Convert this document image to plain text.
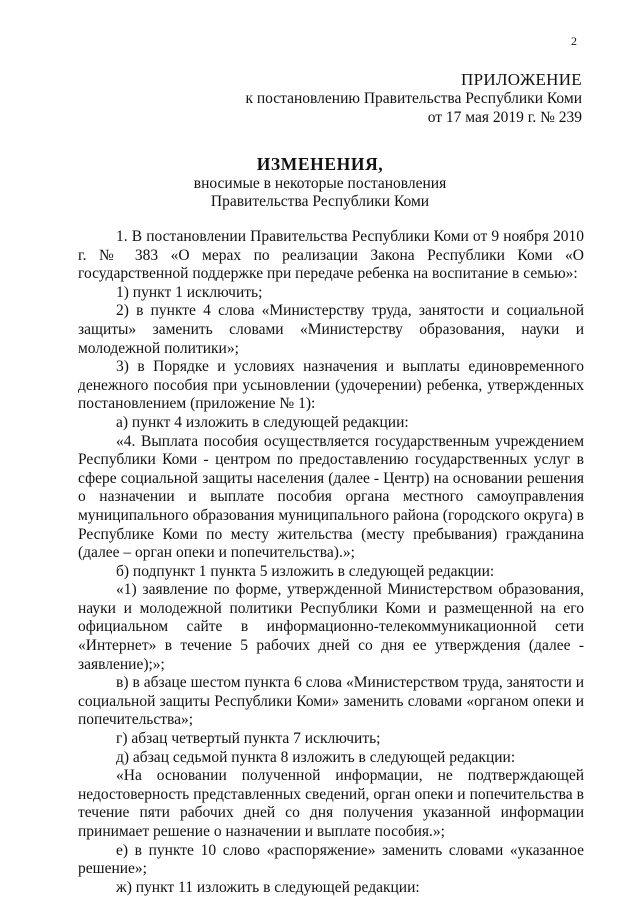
2
ПРИЛОЖЕНИЕ
к постановлению Правительства Республики Коми
от 17 мая 2019 г. № 239
ИЗМЕНЕНИЯ,
вносимые в некоторые постановления
Правительства Республики Коми

1. В постановлении Правительства Республики Коми от 9 ноября 2010 г. № 383 «О мерах по реализации Закона Республики Коми «О государственной поддержке при передаче ребенка на воспитание в семью»:

1) пункт 1 исключить;

2) в пункте 4 слова «Министерству труда, занятости и социальной защиты» заменить словами «Министерству образования, науки и молодежной политики»;

3) в Порядке и условиях назначения и выплаты единовременного денежного пособия при усыновлении (удочерении) ребенка, утвержденных постановлением (приложение № 1):

а) пункт 4 изложить в следующей редакции:

«4. Выплата пособия осуществляется государственным учреждением Республики Коми - центром по предоставлению государственных услуг в сфере социальной защиты населения (далее - Центр) на основании решения о назначении и выплате пособия органа местного самоуправления муниципального образования муниципального района (городского округа) в Республике Коми по месту жительства (месту пребывания) гражданина (далее – орган опеки и попечительства).»;

б) подпункт 1 пункта 5 изложить в следующей редакции:

«1) заявление по форме, утвержденной Министерством образования, науки и молодежной политики Республики Коми и размещенной на его официальном сайте в информационно-телекоммуникационной сети «Интернет» в течение 5 рабочих дней со дня ее утверждения (далее - заявление);»;

в) в абзаце шестом пункта 6 слова «Министерством труда, занятости и социальной защиты Республики Коми» заменить словами «органом опеки и попечительства»;

г) абзац четвертый пункта 7 исключить;

д) абзац седьмой пункта 8 изложить в следующей редакции:

«На основании полученной информации, не подтверждающей недостоверность представленных сведений, орган опеки и попечительства в течение пяти рабочих дней со дня получения указанной информации принимает решение о назначении и выплате пособия.»;

е) в пункте 10 слово «распоряжение» заменить словами «указанное решение»;

ж) пункт 11 изложить в следующей редакции:
